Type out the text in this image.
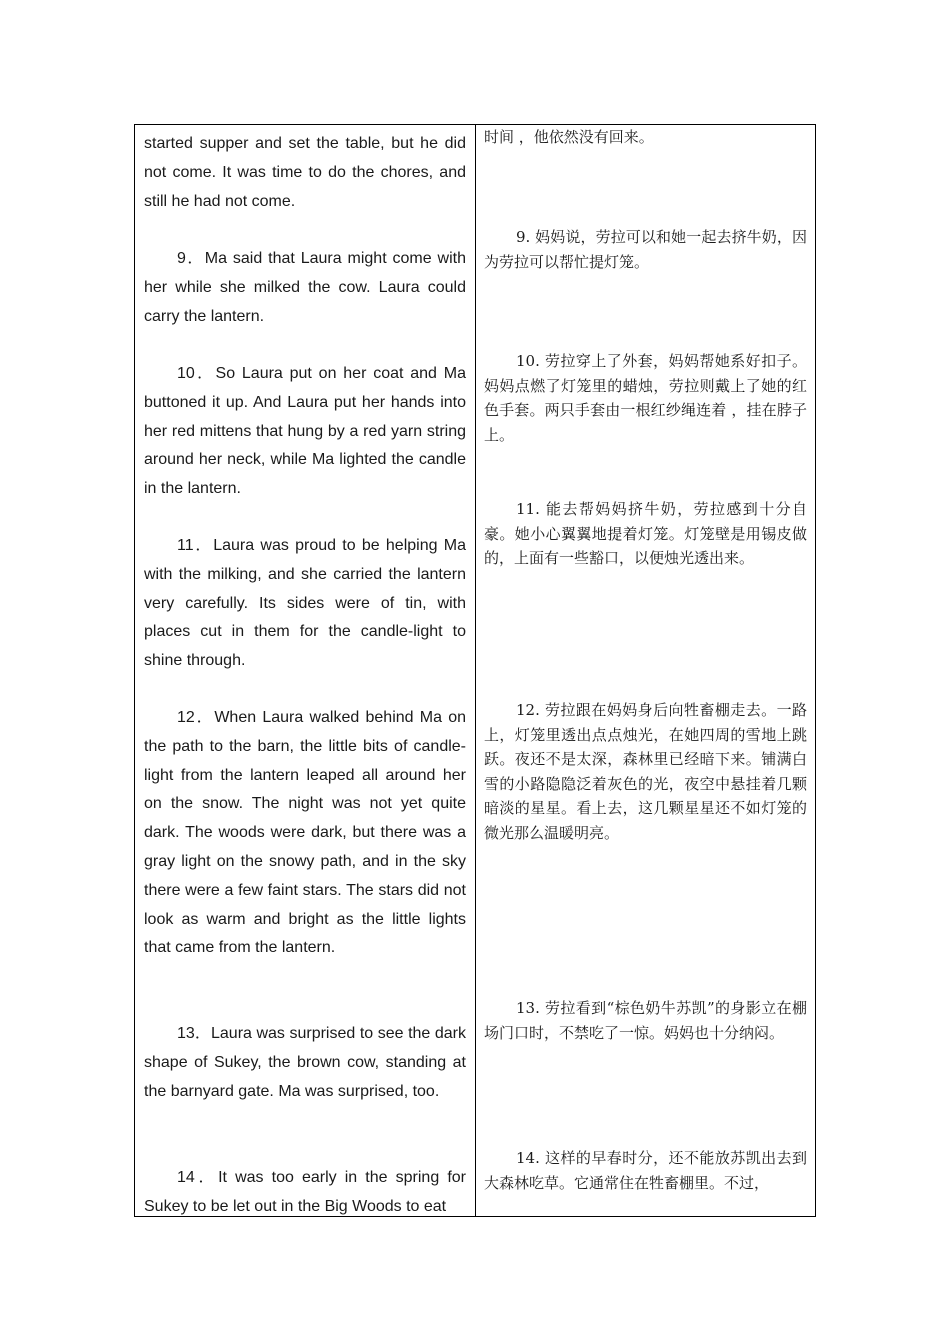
started supper and set the table, but he did not come. It was time to do the chores, and still he had not come.

9．Ma said that Laura might come with her while she milked the cow. Laura could carry the lantern.

10．So Laura put on her coat and Ma buttoned it up. And Laura put her hands into her red mittens that hung by a red yarn string around her neck, while Ma lighted the candle in the lantern.

11．Laura was proud to be helping Ma with the milking, and she carried the lantern very carefully. Its sides were of tin, with places cut in them for the candle-light to shine through.

12．When Laura walked behind Ma on the path to the barn, the little bits of candle-light from the lantern leaped all around her on the snow. The night was not yet quite dark. The woods were dark, but there was a gray light on the snowy path, and in the sky there were a few faint stars. The stars did not look as warm and bright as the little lights that came from the lantern.

13．Laura was surprised to see the dark shape of Sukey, the brown cow, standing at the barnyard gate. Ma was surprised, too.

14．It was too early in the spring for Sukey to be let out in the Big Woods to eat

时间 ，他依然没有回来。

9. 妈妈说，劳拉可以和她一起去挤牛奶，因为劳拉可以帮忙提灯笼。

10. 劳拉穿上了外套，妈妈帮她系好扣子。妈妈点燃了灯笼里的蜡烛，劳拉则戴上了她的红色手套。两只手套由一根红纱绳连着 ，挂在脖子上。

11. 能去帮妈妈挤牛奶，劳拉感到十分自豪。她小心翼翼地提着灯笼。灯笼壁是用锡皮做的，上面有一些豁口，以便烛光透出来。

12. 劳拉跟在妈妈身后向牲畜棚走去。一路上，灯笼里透出点点烛光，在她四周的雪地上跳跃。夜还不是太深，森林里已经暗下来。铺满白雪的小路隐隐泛着灰色的光，夜空中悬挂着几颗暗淡的星星。看上去，这几颗星星还不如灯笼的微光那么温暖明亮。

13. 劳拉看到“棕色奶牛苏凯”的身影立在棚场门口时，不禁吃了一惊。妈妈也十分纳闷。

14. 这样的早春时分，还不能放苏凯出去到大森林吃草。它通常住在牲畜棚里。不过，
